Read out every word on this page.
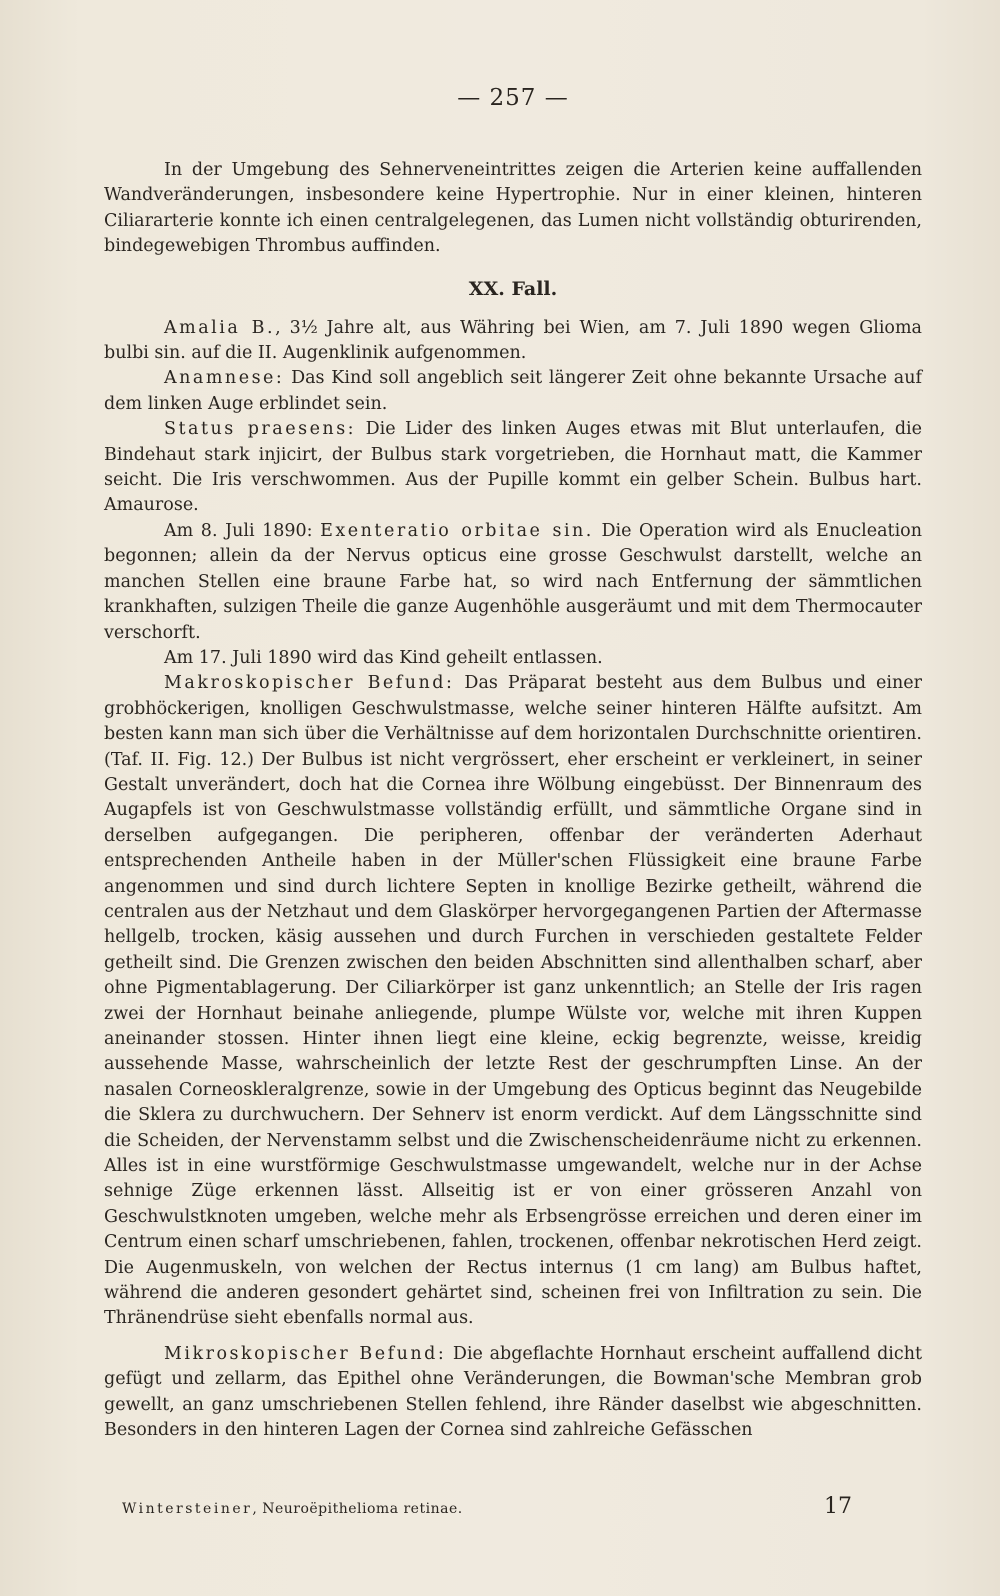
— 257 —

In der Umgebung des Sehnerveneintrittes zeigen die Arterien keine auffallenden Wandveränderungen, insbesondere keine Hypertrophie. Nur in einer kleinen, hinteren Ciliararterie konnte ich einen centralgelegenen, das Lumen nicht vollständig obturirenden, bindegewebigen Thrombus auffinden.

XX. Fall.

Amalia B., 3½ Jahre alt, aus Währing bei Wien, am 7. Juli 1890 wegen Glioma bulbi sin. auf die II. Augenklinik aufgenommen.

Anamnese: Das Kind soll angeblich seit längerer Zeit ohne bekannte Ursache auf dem linken Auge erblindet sein.

Status praesens: Die Lider des linken Auges etwas mit Blut unterlaufen, die Bindehaut stark injicirt, der Bulbus stark vorgetrieben, die Hornhaut matt, die Kammer seicht. Die Iris verschwommen. Aus der Pupille kommt ein gelber Schein. Bulbus hart. Amaurose.

Am 8. Juli 1890: Exenteratio orbitae sin. Die Operation wird als Enucleation begonnen; allein da der Nervus opticus eine grosse Geschwulst darstellt, welche an manchen Stellen eine braune Farbe hat, so wird nach Entfernung der sämmtlichen krankhaften, sulzigen Theile die ganze Augenhöhle ausgeräumt und mit dem Thermocauter verschorft.

Am 17. Juli 1890 wird das Kind geheilt entlassen.

Makroskopischer Befund: Das Präparat besteht aus dem Bulbus und einer grobhöckerigen, knolligen Geschwulstmasse, welche seiner hinteren Hälfte aufsitzt. Am besten kann man sich über die Verhältnisse auf dem horizontalen Durchschnitte orientiren. (Taf. II. Fig. 12.) Der Bulbus ist nicht vergrössert, eher erscheint er verkleinert, in seiner Gestalt unverändert, doch hat die Cornea ihre Wölbung eingebüsst. Der Binnenraum des Augapfels ist von Geschwulstmasse vollständig erfüllt, und sämmtliche Organe sind in derselben aufgegangen. Die peripheren, offenbar der veränderten Aderhaut entsprechenden Antheile haben in der Müller'schen Flüssigkeit eine braune Farbe angenommen und sind durch lichtere Septen in knollige Bezirke getheilt, während die centralen aus der Netzhaut und dem Glaskörper hervorgegangenen Partien der Aftermasse hellgelb, trocken, käsig aussehen und durch Furchen in verschieden gestaltete Felder getheilt sind. Die Grenzen zwischen den beiden Abschnitten sind allenthalben scharf, aber ohne Pigmentablagerung. Der Ciliarkörper ist ganz unkenntlich; an Stelle der Iris ragen zwei der Hornhaut beinahe anliegende, plumpe Wülste vor, welche mit ihren Kuppen aneinander stossen. Hinter ihnen liegt eine kleine, eckig begrenzte, weisse, kreidig aussehende Masse, wahrscheinlich der letzte Rest der geschrumpften Linse. An der nasalen Corneoskleralgrenze, sowie in der Umgebung des Opticus beginnt das Neugebilde die Sklera zu durchwuchern. Der Sehnerv ist enorm verdickt. Auf dem Längsschnitte sind die Scheiden, der Nervenstamm selbst und die Zwischenscheidenräume nicht zu erkennen. Alles ist in eine wurstförmige Geschwulstmasse umgewandelt, welche nur in der Achse sehnige Züge erkennen lässt. Allseitig ist er von einer grösseren Anzahl von Geschwulstknoten umgeben, welche mehr als Erbsengrösse erreichen und deren einer im Centrum einen scharf umschriebenen, fahlen, trockenen, offenbar nekrotischen Herd zeigt. Die Augenmuskeln, von welchen der Rectus internus (1 cm lang) am Bulbus haftet, während die anderen gesondert gehärtet sind, scheinen frei von Infiltration zu sein. Die Thränendrüse sieht ebenfalls normal aus.

Mikroskopischer Befund: Die abgeflachte Hornhaut erscheint auffallend dicht gefügt und zellarm, das Epithel ohne Veränderungen, die Bowman'sche Membran grob gewellt, an ganz umschriebenen Stellen fehlend, ihre Ränder daselbst wie abgeschnitten. Besonders in den hinteren Lagen der Cornea sind zahlreiche Gefässchen

Wintersteiner, Neuroëpithelioma retinae.	17
